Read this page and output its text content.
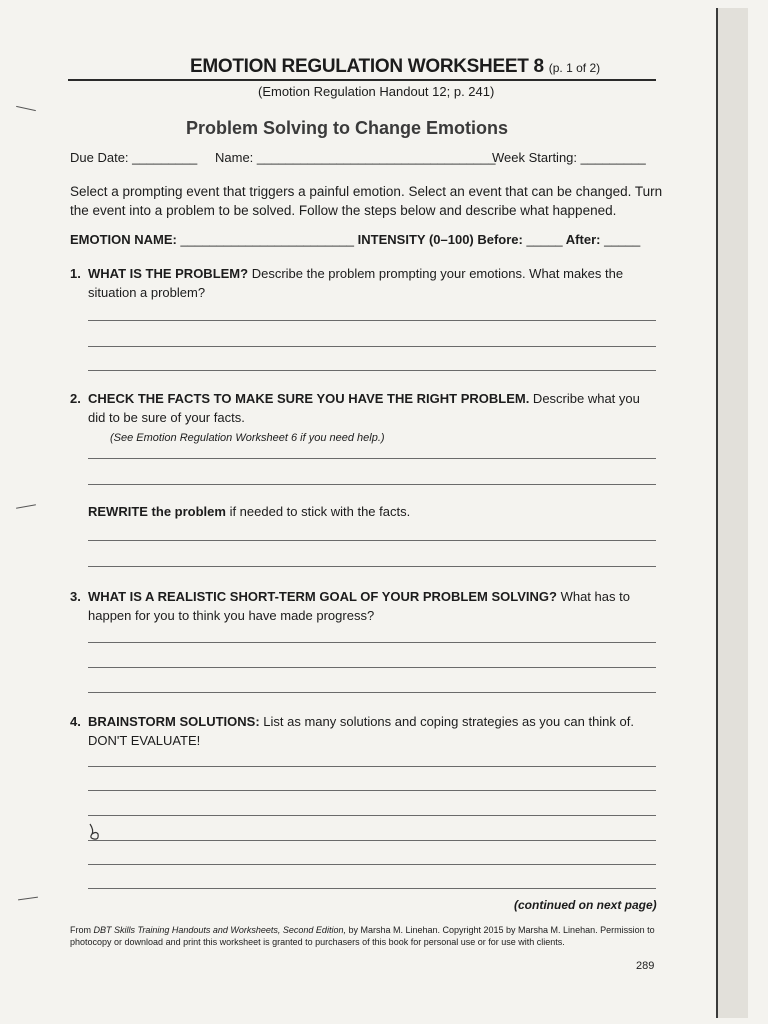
EMOTION REGULATION WORKSHEET 8 (p. 1 of 2)
(Emotion Regulation Handout 12; p. 241)
Problem Solving to Change Emotions
Due Date: _________ Name: _________________________________
Week Starting: _________
Select a prompting event that triggers a painful emotion. Select an event that can be changed. Turn the event into a problem to be solved. Follow the steps below and describe what happened.
EMOTION NAME: ________________________ INTENSITY (0–100) Before: _____ After: _____
1. WHAT IS THE PROBLEM? Describe the problem prompting your emotions. What makes the situation a problem?
2. CHECK THE FACTS TO MAKE SURE YOU HAVE THE RIGHT PROBLEM. Describe what you did to be sure of your facts.
(See Emotion Regulation Worksheet 6 if you need help.)
REWRITE the problem if needed to stick with the facts.
3. WHAT IS A REALISTIC SHORT-TERM GOAL OF YOUR PROBLEM SOLVING? What has to happen for you to think you have made progress?
4. BRAINSTORM SOLUTIONS: List as many solutions and coping strategies as you can think of. DON'T EVALUATE!
(continued on next page)
From DBT Skills Training Handouts and Worksheets, Second Edition, by Marsha M. Linehan. Copyright 2015 by Marsha M. Linehan. Permission to photocopy or download and print this worksheet is granted to purchasers of this book for personal use or for use with clients.
289
